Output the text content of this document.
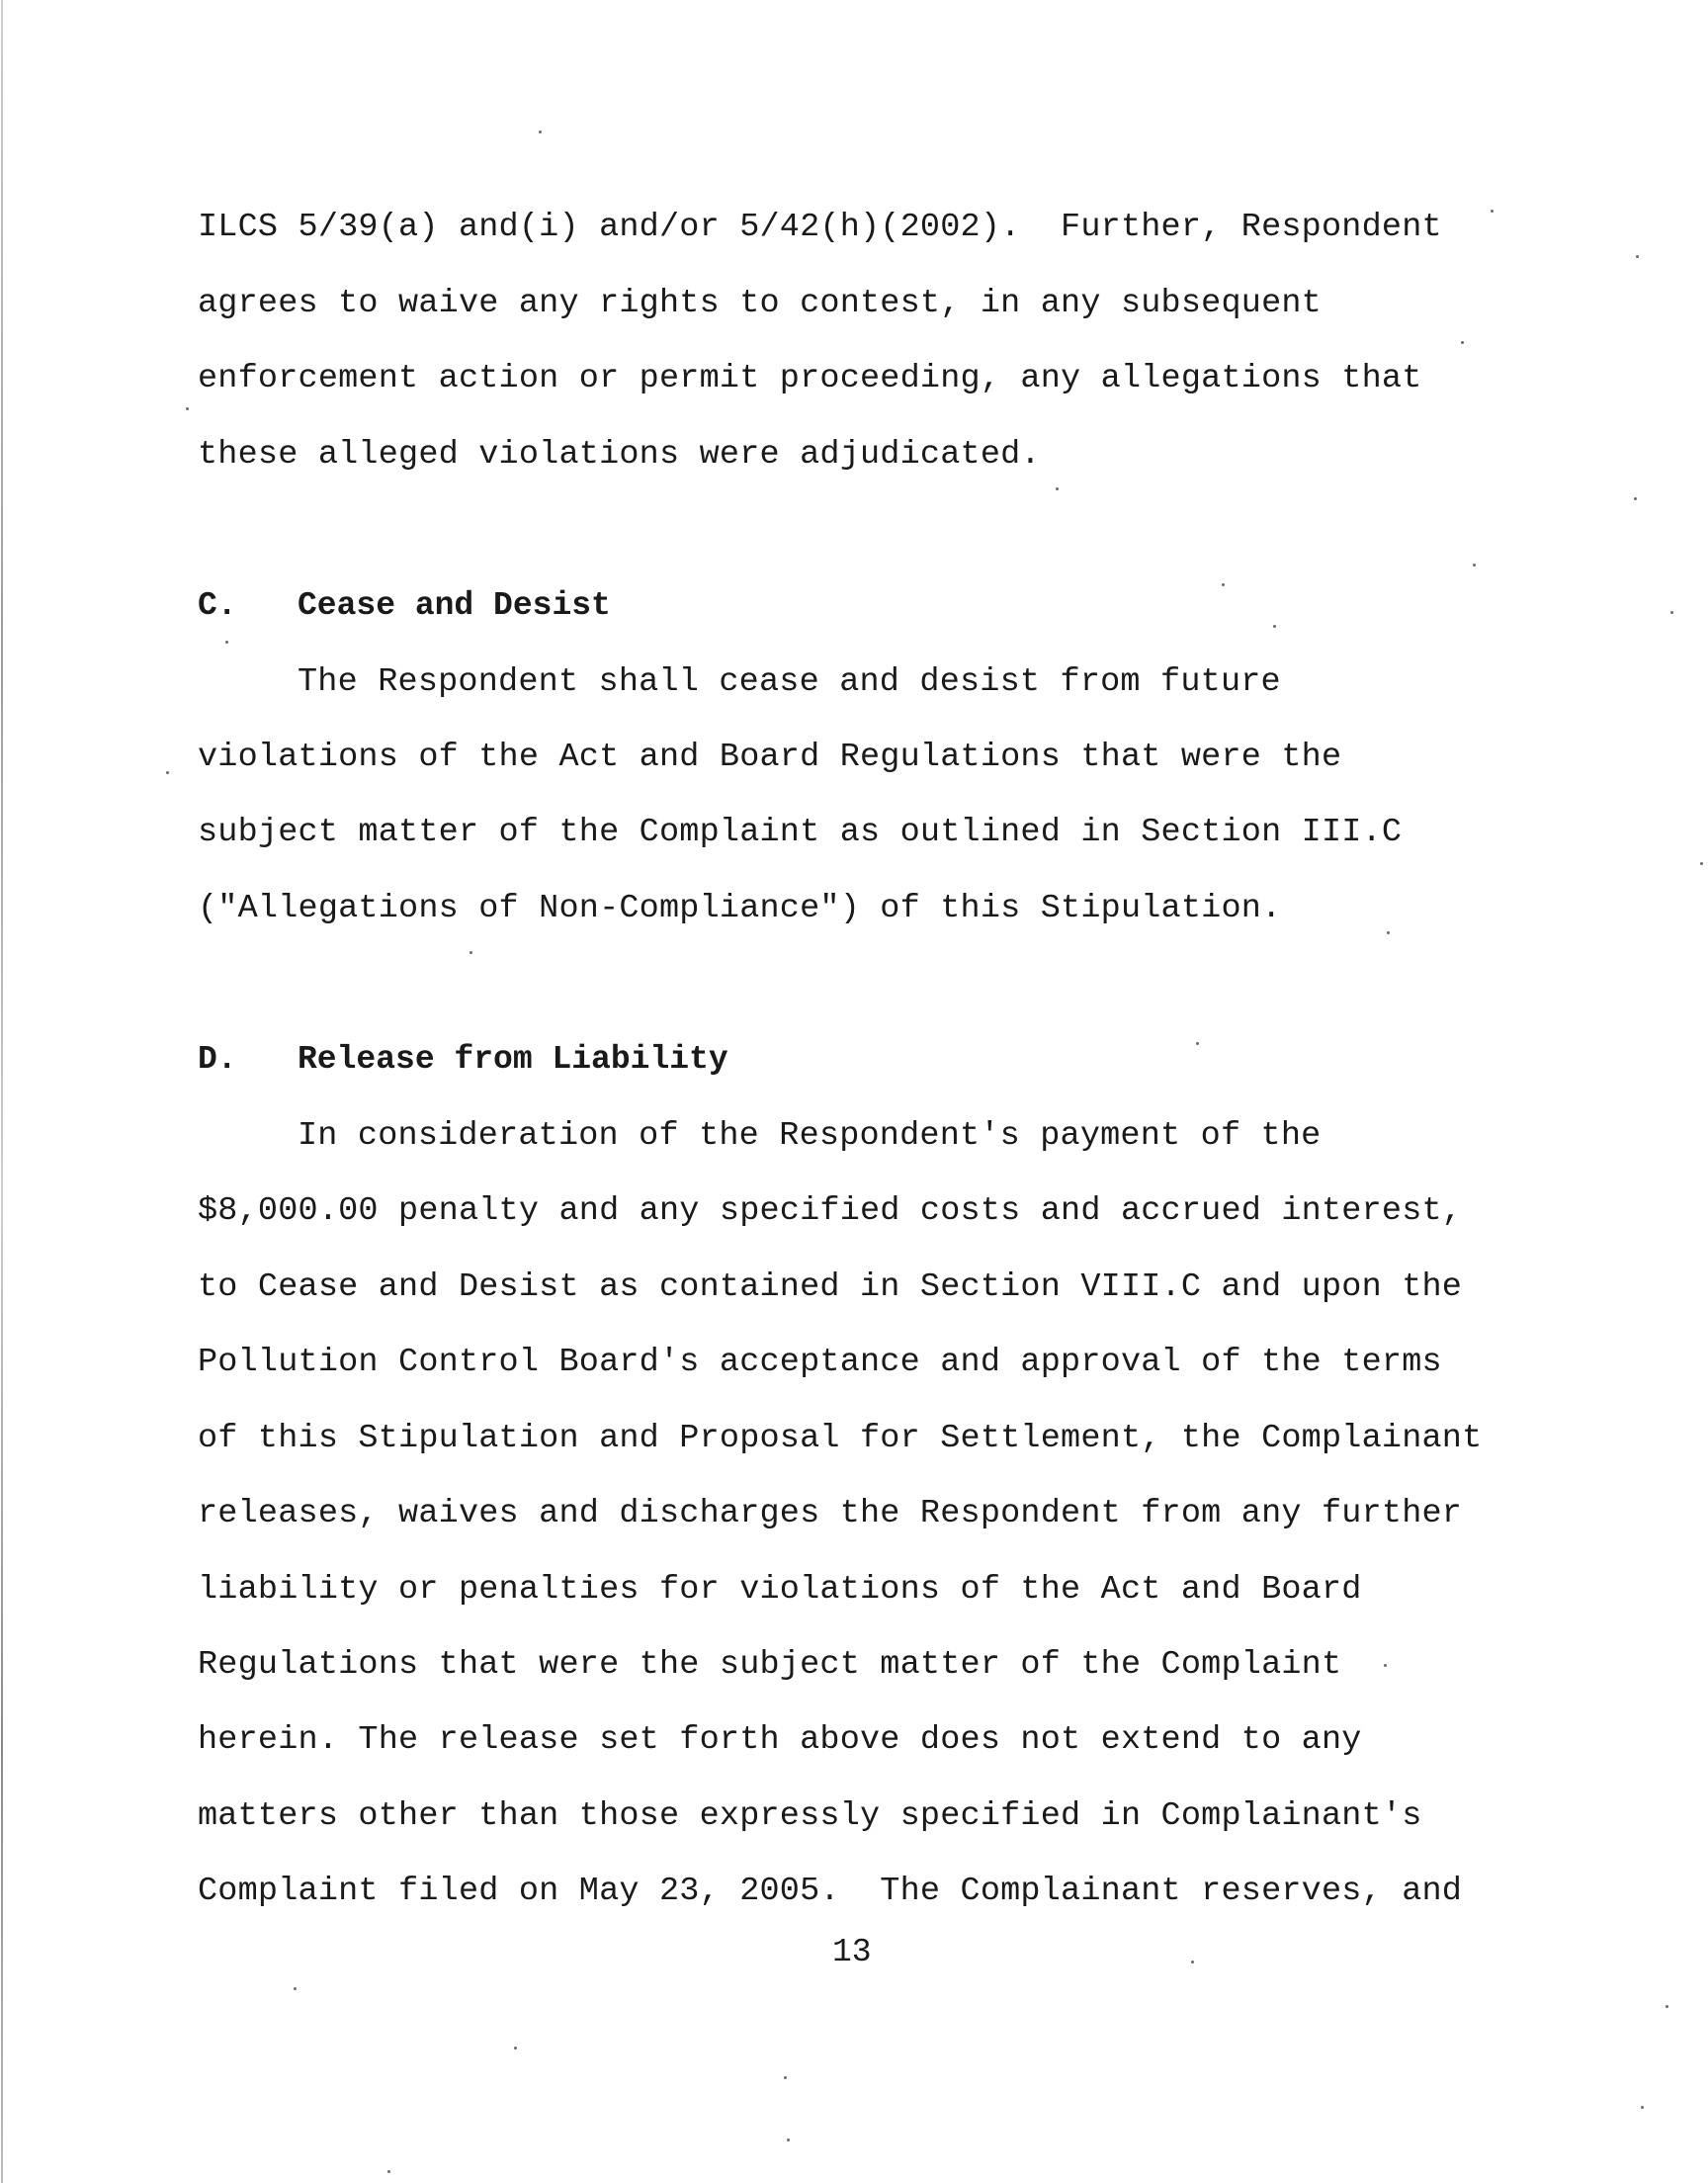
ILCS 5/39(a) and(i) and/or 5/42(h)(2002).  Further, Respondent
agrees to waive any rights to contest, in any subsequent
enforcement action or permit proceeding, any allegations that
these alleged violations were adjudicated.
C. Cease and Desist
The Respondent shall cease and desist from future
violations of the Act and Board Regulations that were the
subject matter of the Complaint as outlined in Section III.C
("Allegations of Non-Compliance") of this Stipulation.
D. Release from Liability
In consideration of the Respondent's payment of the
$8,000.00 penalty and any specified costs and accrued interest,
to Cease and Desist as contained in Section VIII.C and upon the
Pollution Control Board's acceptance and approval of the terms
of this Stipulation and Proposal for Settlement, the Complainant
releases, waives and discharges the Respondent from any further
liability or penalties for violations of the Act and Board
Regulations that were the subject matter of the Complaint
herein. The release set forth above does not extend to any
matters other than those expressly specified in Complainant's
Complaint filed on May 23, 2005.  The Complainant reserves, and
13
